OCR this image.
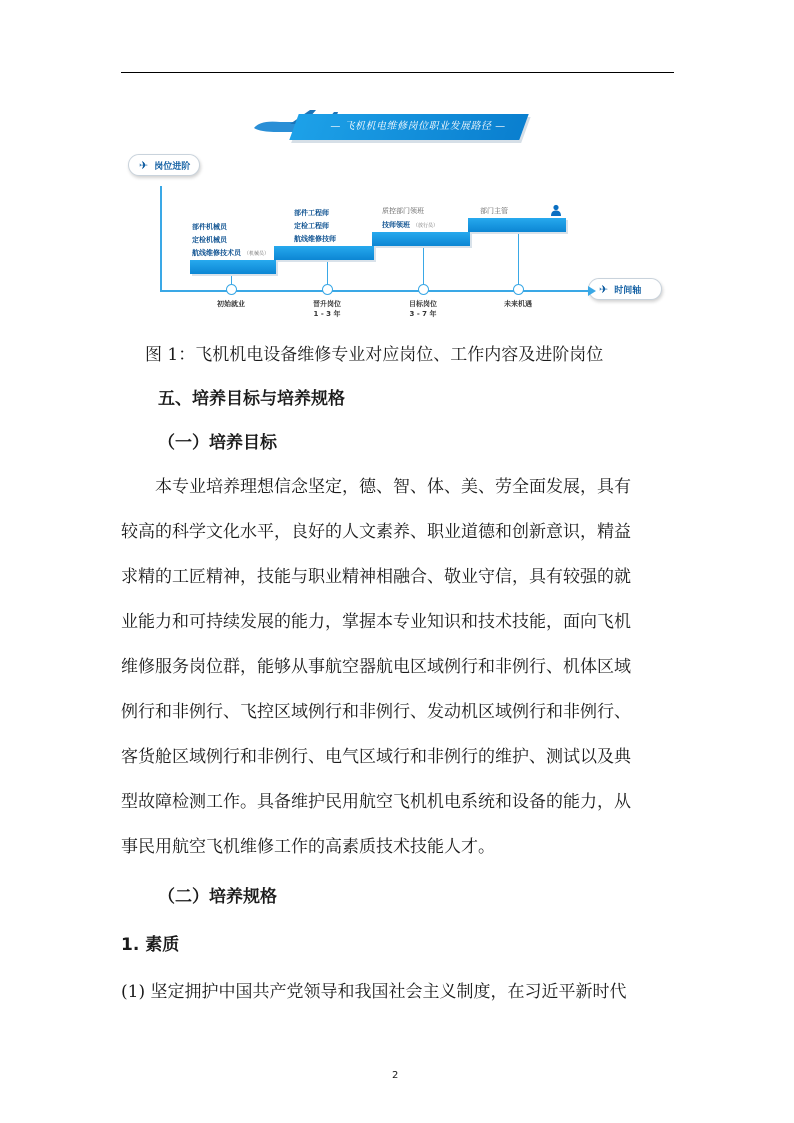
— 飞机机电维修岗位职业发展路径 —
✈ 岗位进阶
✈ 时间轴
部件机械员
定检机械员
航线维修技术员 （机械员）
部件工程师
定检工程师
航线维修技师
质控部门领班
技师领班 （放行员）
部门主管
初始就业	晋升岗位
1 - 3 年
目标岗位
3 - 7 年
未来机遇
图 1：飞机机电设备维修专业对应岗位、工作内容及进阶岗位
五、培养目标与培养规格
（一）培养目标
本专业培养理想信念坚定，德、智、体、美、劳全面发展，具有
较高的科学文化水平，良好的人文素养、职业道德和创新意识，精益
求精的工匠精神，技能与职业精神相融合、敬业守信，具有较强的就
业能力和可持续发展的能力，掌握本专业知识和技术技能，面向飞机
维修服务岗位群，能够从事航空器航电区域例行和非例行、机体区域
例行和非例行、飞控区域例行和非例行、发动机区域例行和非例行、
客货舱区域例行和非例行、电气区域行和非例行的维护、测试以及典
型故障检测工作。具备维护民用航空飞机机电系统和设备的能力，从
事民用航空飞机维修工作的高素质技术技能人才。
（二）培养规格
1. 素质
(1) 坚定拥护中国共产党领导和我国社会主义制度，在习近平新时代
2
